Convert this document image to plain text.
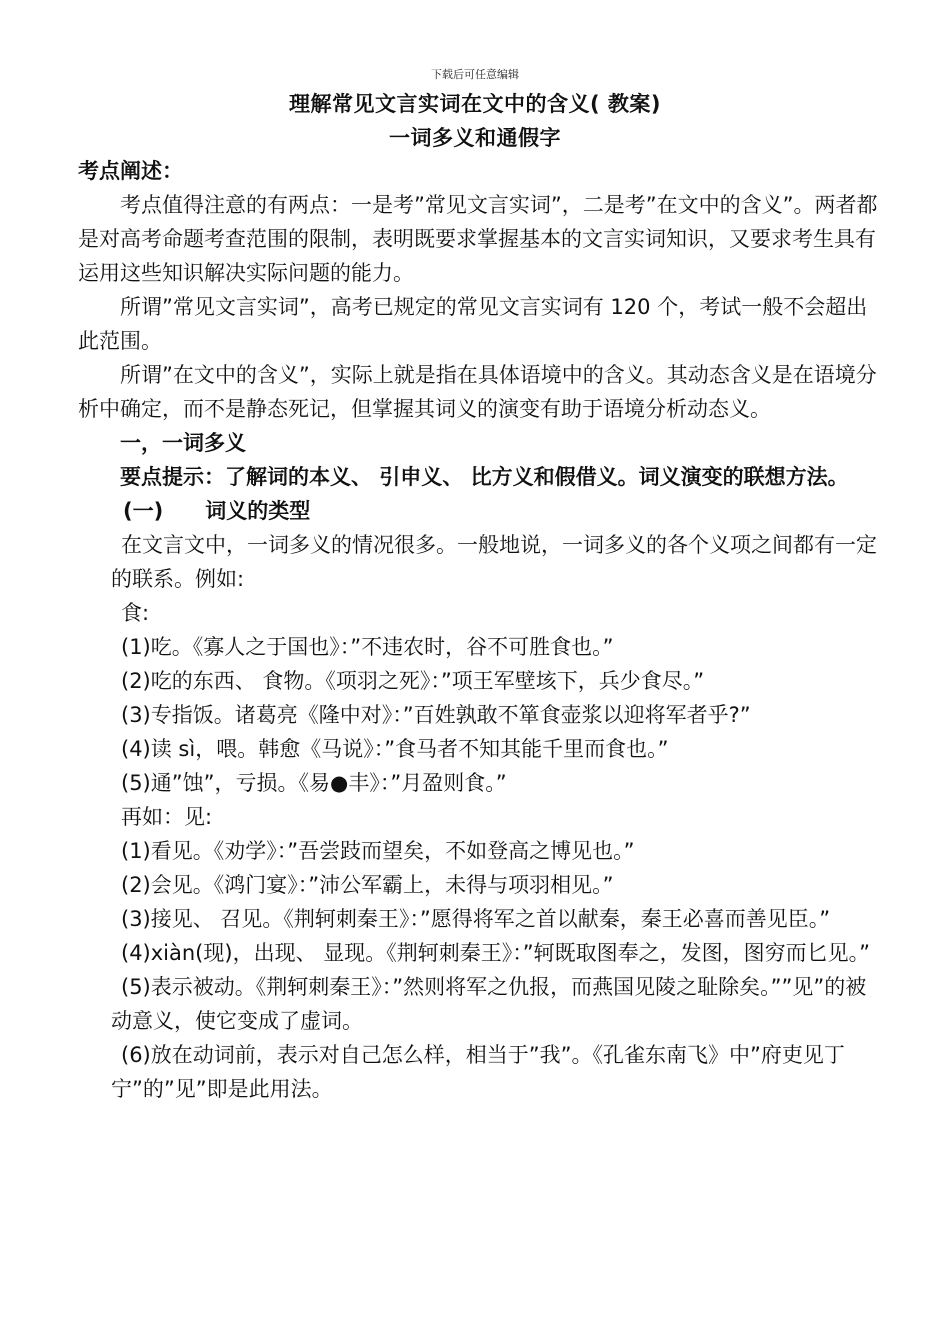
下载后可任意编辑
理解常见文言实词在文中的含义( 教案)
一词多义和通假字

考点阐述：

考点值得注意的有两点：一是考”常见文言实词”，二是考”在文中的含义”。两者都是对高考命题考查范围的限制，表明既要求掌握基本的文言实词知识，又要求考生具有运用这些知识解决实际问题的能力。

所谓”常见文言实词”，高考已规定的常见文言实词有 120 个，考试一般不会超出此范围。

所谓”在文中的含义”，实际上就是指在具体语境中的含义。其动态含义是在语境分析中确定，而不是静态死记，但掌握其词义的演变有助于语境分析动态义。

一，一词多义

要点提示：了解词的本义、 引申义、 比方义和假借义。词义演变的联想方法。

(一) 词义的类型

在文言文中，一词多义的情况很多。一般地说，一词多义的各个义项之间都有一定的联系。例如:

食:

(1)吃。《寡人之于国也》：”不违农时，谷不可胜食也。”

(2)吃的东西、 食物。《项羽之死》：”项王军壁垓下，兵少食尽。”

(3)专指饭。诸葛亮《隆中对》：”百姓孰敢不箪食壶浆以迎将军者乎?”

(4)读 sì，喂。韩愈《马说》：”食马者不知其能千里而食也。”

(5)通”蚀”，亏损。《易●丰》：”月盈则食。”

再如：见:

(1)看见。《劝学》：”吾尝跂而望矣，不如登高之博见也。”

(2)会见。《鸿门宴》：”沛公军霸上，未得与项羽相见。”

(3)接见、 召见。《荆轲刺秦王》：”愿得将军之首以献秦，秦王必喜而善见臣。”

(4)xiàn(现)，出现、 显现。《荆轲刺秦王》：”轲既取图奉之，发图，图穷而匕见。”

(5)表示被动。《荆轲刺秦王》：”然则将军之仇报，而燕国见陵之耻除矣。””见”的被动意义，使它变成了虚词。

(6)放在动词前，表示对自己怎么样，相当于”我”。《孔雀东南飞》中”府吏见丁宁”的”见”即是此用法。
